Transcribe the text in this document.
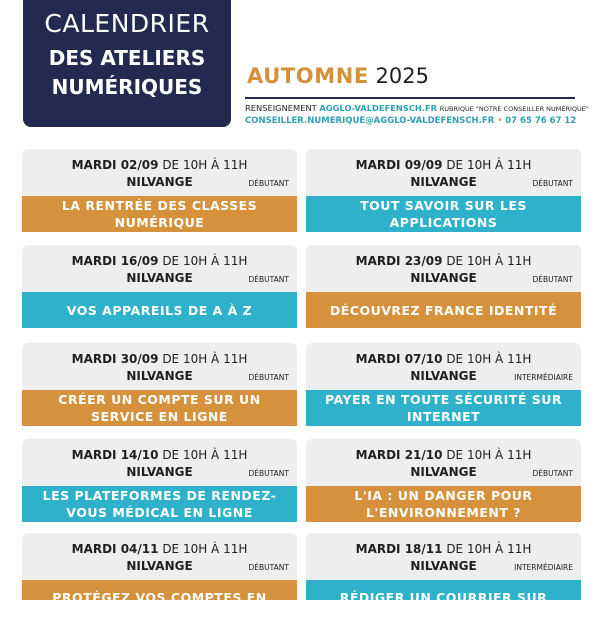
CALENDRIER
DES ATELIERS
NUMÉRIQUES	AUTOMNE 2025
RENSEIGNEMENT AGGLO-VALDEFENSCH.FR RUBRIQUE "NOTRE CONSEILLER NUMÉRIQUE"
CONSEILLER.NUMERIQUE@AGGLO-VALDEFENSCH.FR • 07 65 76 67 12
MARDI 02/09 DE 10H À 11H
NILVANGE	DÉBUTANT
LA RENTRÉE DES CLASSES NUMÉRIQUE
MARDI 09/09 DE 10H À 11H
NILVANGE	DÉBUTANT
TOUT SAVOIR SUR LES APPLICATIONS
MARDI 16/09 DE 10H À 11H
NILVANGE	DÉBUTANT
VOS APPAREILS DE A À Z
MARDI 23/09 DE 10H À 11H
NILVANGE	DÉBUTANT
DÉCOUVREZ FRANCE IDENTITÉ
MARDI 30/09 DE 10H À 11H
NILVANGE	DÉBUTANT
CRÉER UN COMPTE SUR UN SERVICE EN LIGNE
MARDI 07/10 DE 10H À 11H
NILVANGE	INTERMÉDIAIRE
PAYER EN TOUTE SÉCURITÉ SUR INTERNET
MARDI 14/10 DE 10H À 11H
NILVANGE	DÉBUTANT
LES PLATEFORMES DE RENDEZ-VOUS MÉDICAL EN LIGNE
MARDI 21/10 DE 10H À 11H
NILVANGE	DÉBUTANT
L'IA : UN DANGER POUR L'ENVIRONNEMENT ?
MARDI 04/11 DE 10H À 11H
NILVANGE	DÉBUTANT
PROTÉGEZ VOS COMPTES EN LIGNE
MARDI 18/11 DE 10H À 11H
NILVANGE	INTERMÉDIAIRE
RÉDIGER UN COURRIER SUR INTERNET
